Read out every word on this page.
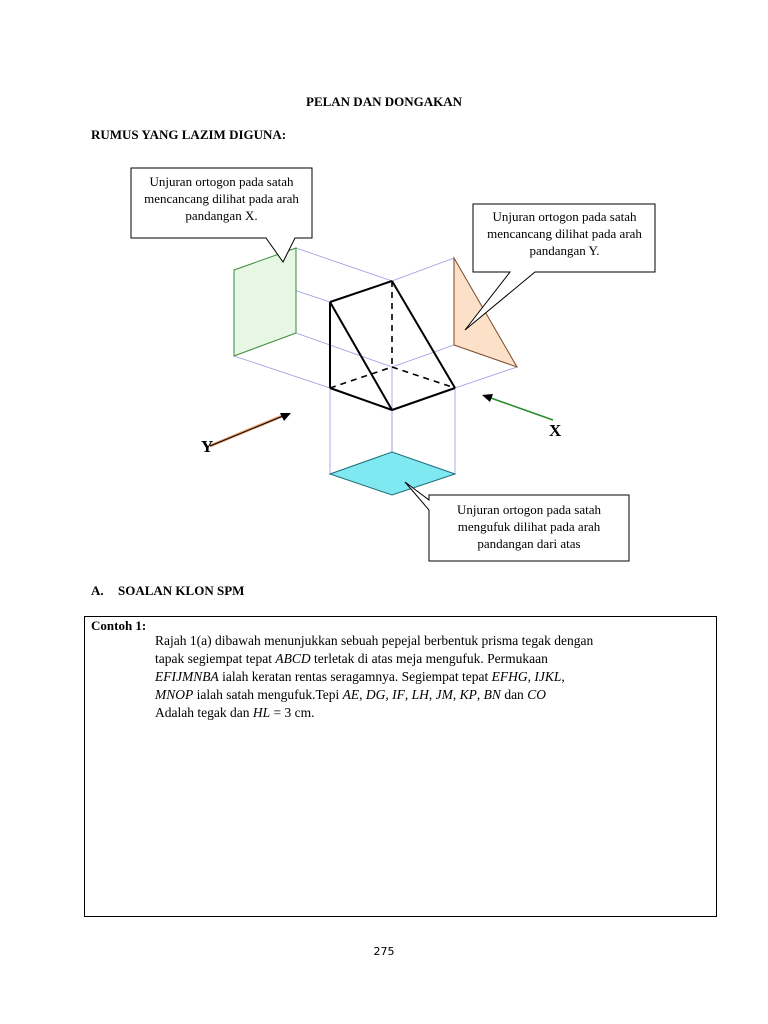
PELAN DAN DONGAKAN
RUMUS YANG LAZIM DIGUNA:
Y
X
Unjuran ortogon pada satah mencancang dilihat pada arah pandangan X.	Unjuran ortogon pada satah mencancang dilihat pada arah pandangan Y.
Unjuran ortogon pada satah mengufuk dilihat pada arah pandangan dari atas
A. SOALAN KLON SPM
Contoh 1:
Rajah 1(a) dibawah menunjukkan sebuah pepejal berbentuk prisma tegak dengan
tapak segiempat tepat ABCD terletak di atas meja mengufuk. Permukaan
EFIJMNBA ialah keratan rentas seragamnya. Segiempat tepat EFHG, IJKL,
MNOP ialah satah mengufuk.Tepi AE, DG, IF, LH, JM, KP, BN dan CO
Adalah tegak dan HL = 3 cm.
275
